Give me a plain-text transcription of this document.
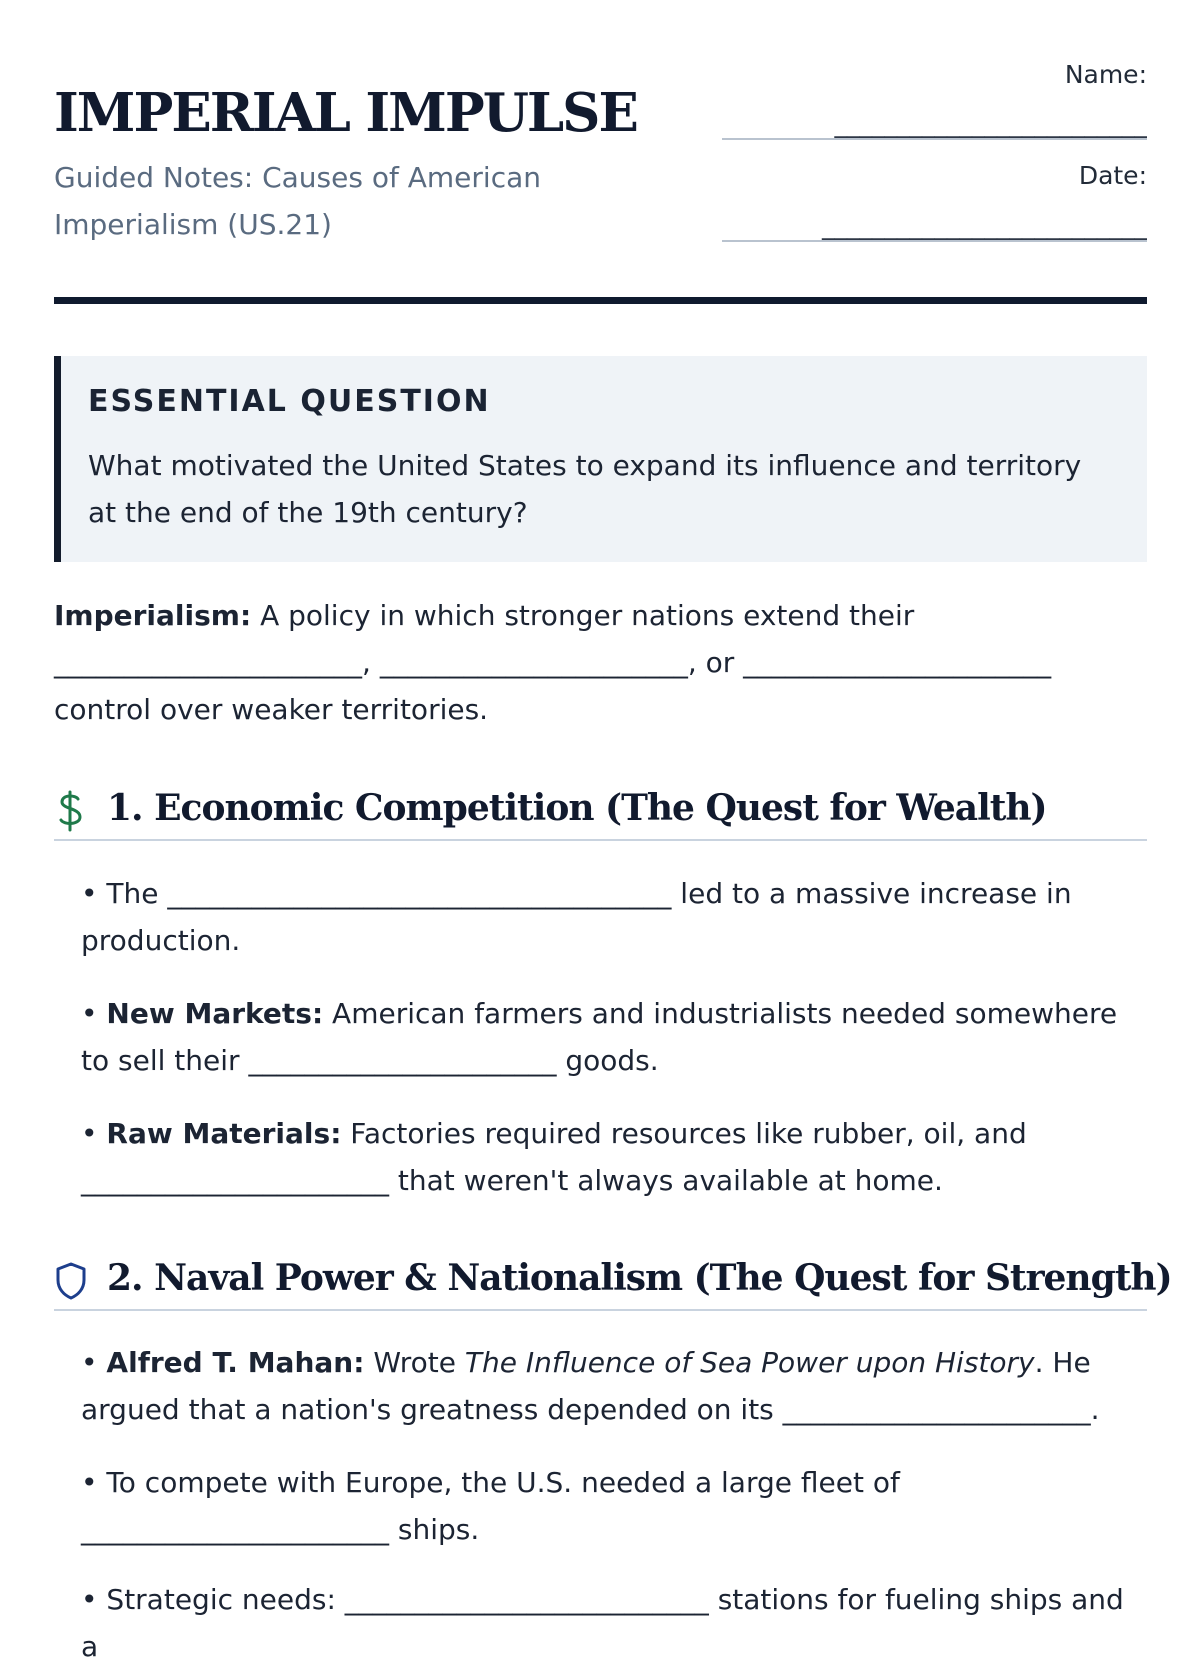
IMPERIAL IMPULSE
Guided Notes: Causes of American Imperialism (US.21)
Name:
_________________________
Date:
__________________________
ESSENTIAL QUESTION

What motivated the United States to expand its influence and territory at the end of the 19th century?

Imperialism: A policy in which stronger nations extend their ______________________, ______________________, or ______________________ control over weaker territories.

1. Economic Competition (The Quest for Wealth)

• The ____________________________________ led to a massive increase in production.

• New Markets: American farmers and industrialists needed somewhere to sell their ______________________ goods.

• Raw Materials: Factories required resources like rubber, oil, and ______________________ that weren't always available at home.

2. Naval Power & Nationalism (The Quest for Strength)

• Alfred T. Mahan: Wrote The Influence of Sea Power upon History. He argued that a nation's greatness depended on its ______________________.

• To compete with Europe, the U.S. needed a large fleet of ______________________ ships.

• Strategic needs: __________________________ stations for fueling ships and a
